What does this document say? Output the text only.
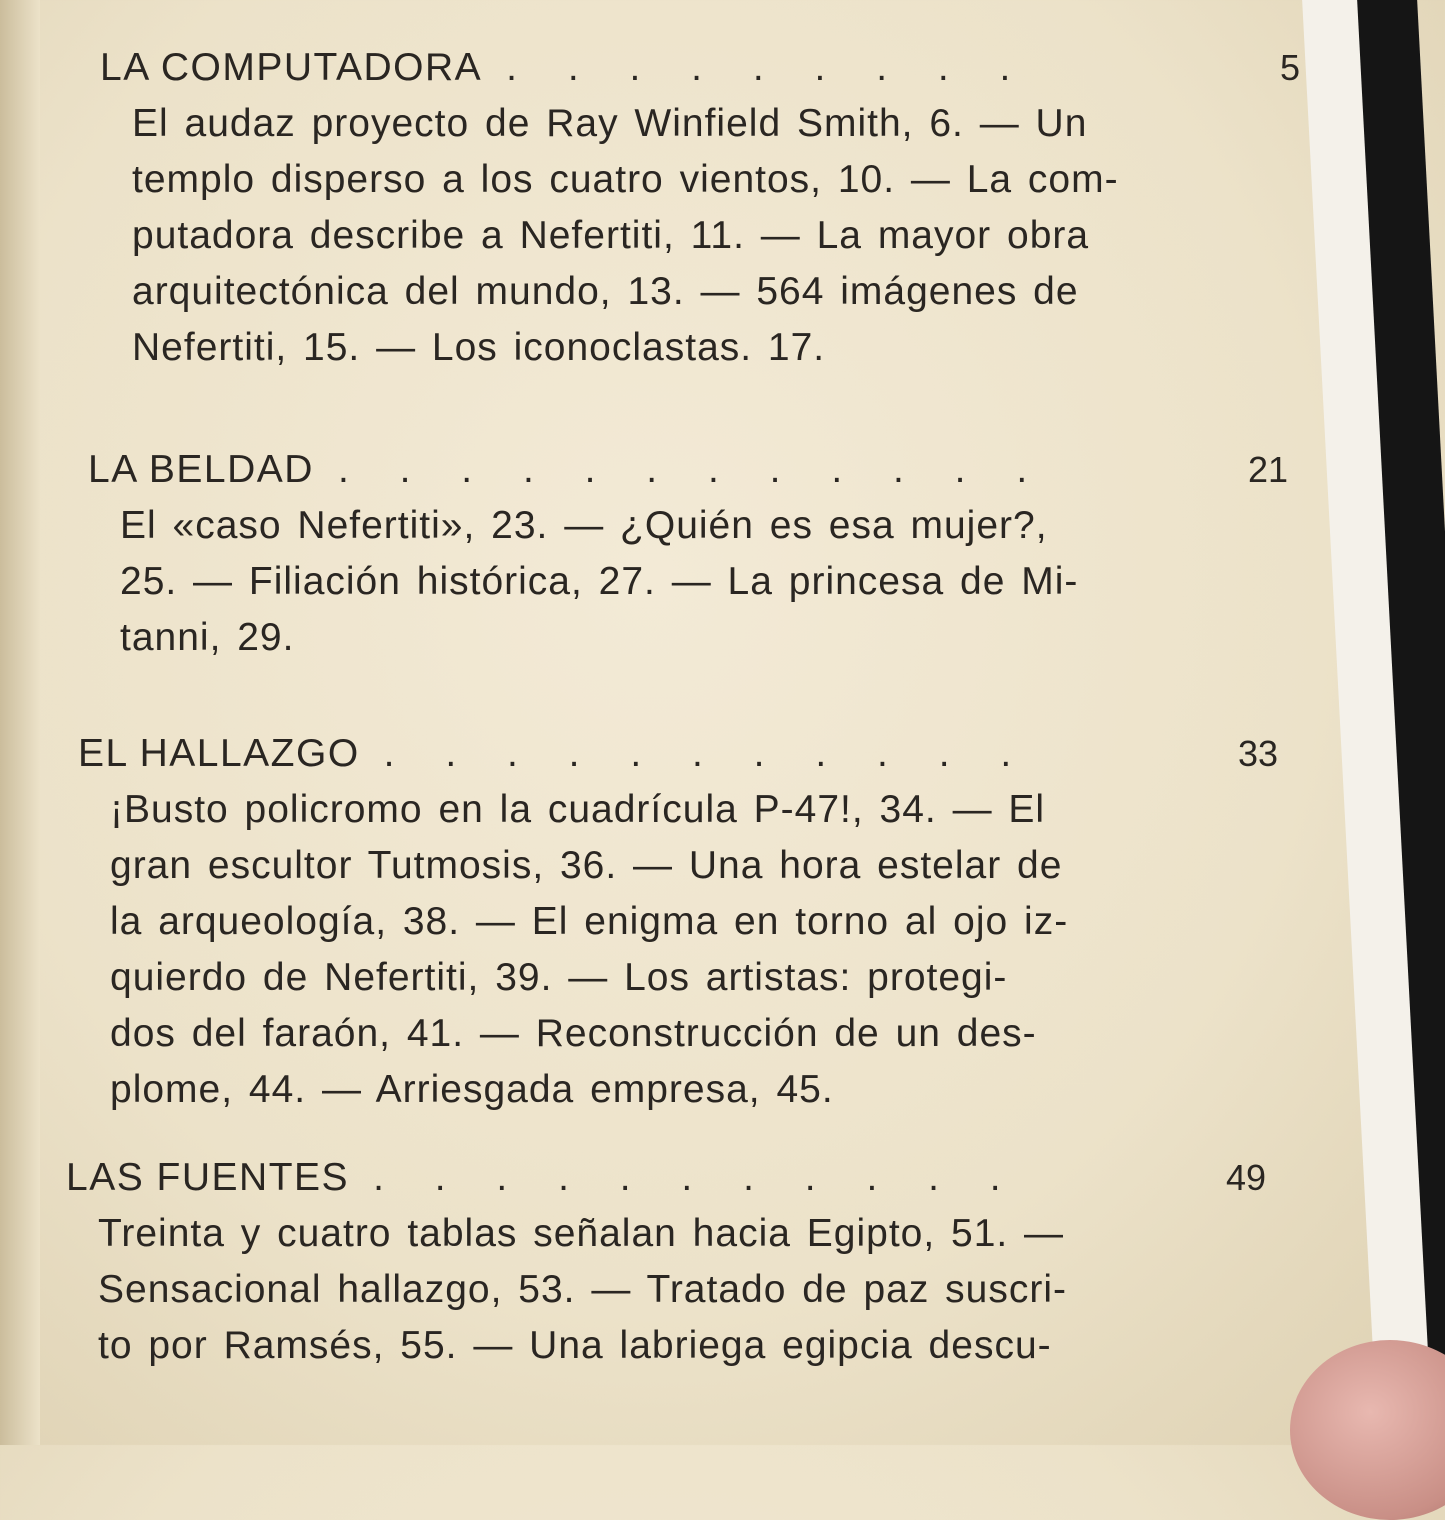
LA COMPUTADORA . . . . . . . . .	5
El audaz proyecto de Ray Winfield Smith, 6. — Un
templo disperso a los cuatro vientos, 10. — La com-
putadora describe a Nefertiti, 11. — La mayor obra
arquitectónica del mundo, 13. — 564 imágenes de
Nefertiti, 15. — Los iconoclastas. 17.
LA BELDAD . . . . . . . . . . . .	21
El «caso Nefertiti», 23. — ¿Quién es esa mujer?,
25. — Filiación histórica, 27. — La princesa de Mi-
tanni, 29.
EL HALLAZGO . . . . . . . . . . .	33
¡Busto policromo en la cuadrícula P-47!, 34. — El
gran escultor Tutmosis, 36. — Una hora estelar de
la arqueología, 38. — El enigma en torno al ojo iz-
quierdo de Nefertiti, 39. — Los artistas: protegi-
dos del faraón, 41. — Reconstrucción de un des-
plome, 44. — Arriesgada empresa, 45.
LAS FUENTES . . . . . . . . . . .	49
Treinta y cuatro tablas señalan hacia Egipto, 51. —
Sensacional hallazgo, 53. — Tratado de paz suscri-
to por Ramsés, 55. — Una labriega egipcia descu-
